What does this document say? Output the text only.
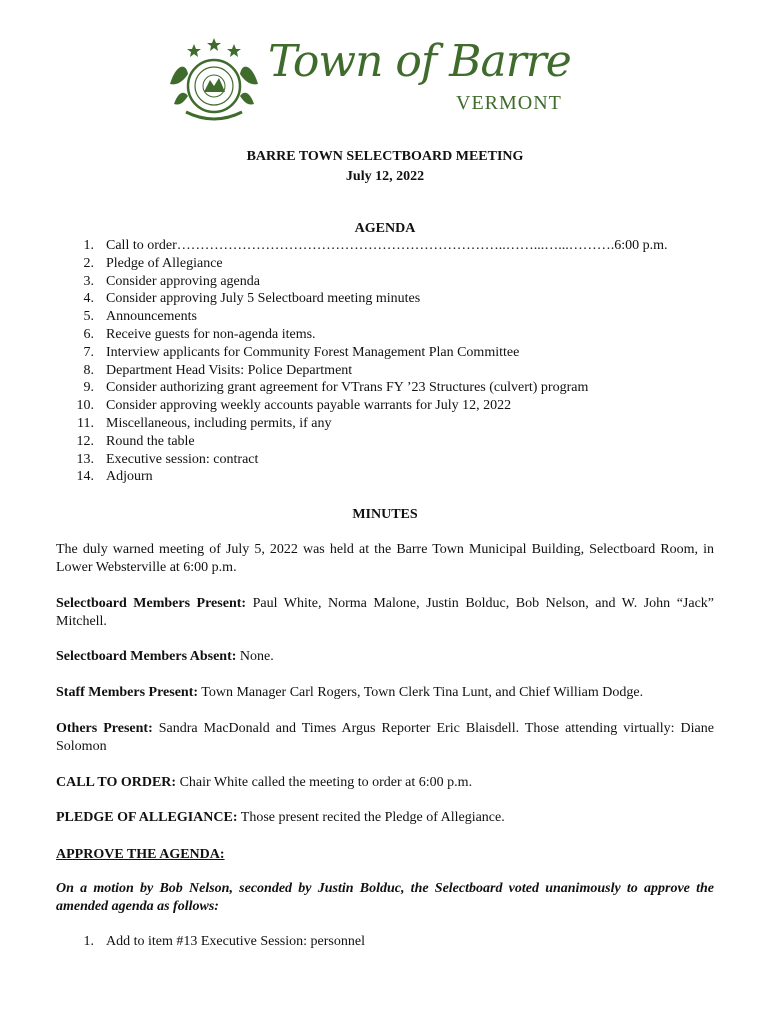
Town of Barre
VERMONT
BARRE TOWN SELECTBOARD MEETING
July 12, 2022
AGENDA
1. Call to order……………………………………………………………..……...…...……….6:00 p.m.
2. Pledge of Allegiance
3. Consider approving agenda
4. Consider approving July 5 Selectboard meeting minutes
5. Announcements
6. Receive guests for non-agenda items.
7. Interview applicants for Community Forest Management Plan Committee
8. Department Head Visits: Police Department
9. Consider authorizing grant agreement for VTrans FY ’23 Structures (culvert) program
10. Consider approving weekly accounts payable warrants for July 12, 2022
11. Miscellaneous, including permits, if any
12. Round the table
13. Executive session: contract
14. Adjourn
MINUTES
The duly warned meeting of July 5, 2022 was held at the Barre Town Municipal Building, Selectboard Room, in Lower Websterville at 6:00 p.m.
Selectboard Members Present: Paul White, Norma Malone, Justin Bolduc, Bob Nelson, and W. John “Jack” Mitchell.
Selectboard Members Absent: None.
Staff Members Present: Town Manager Carl Rogers, Town Clerk Tina Lunt, and Chief William Dodge.
Others Present: Sandra MacDonald and Times Argus Reporter Eric Blaisdell. Those attending virtually: Diane Solomon
CALL TO ORDER: Chair White called the meeting to order at 6:00 p.m.
PLEDGE OF ALLEGIANCE: Those present recited the Pledge of Allegiance.
APPROVE THE AGENDA:
On a motion by Bob Nelson, seconded by Justin Bolduc, the Selectboard voted unanimously to approve the amended agenda as follows:
1. Add to item #13 Executive Session: personnel
